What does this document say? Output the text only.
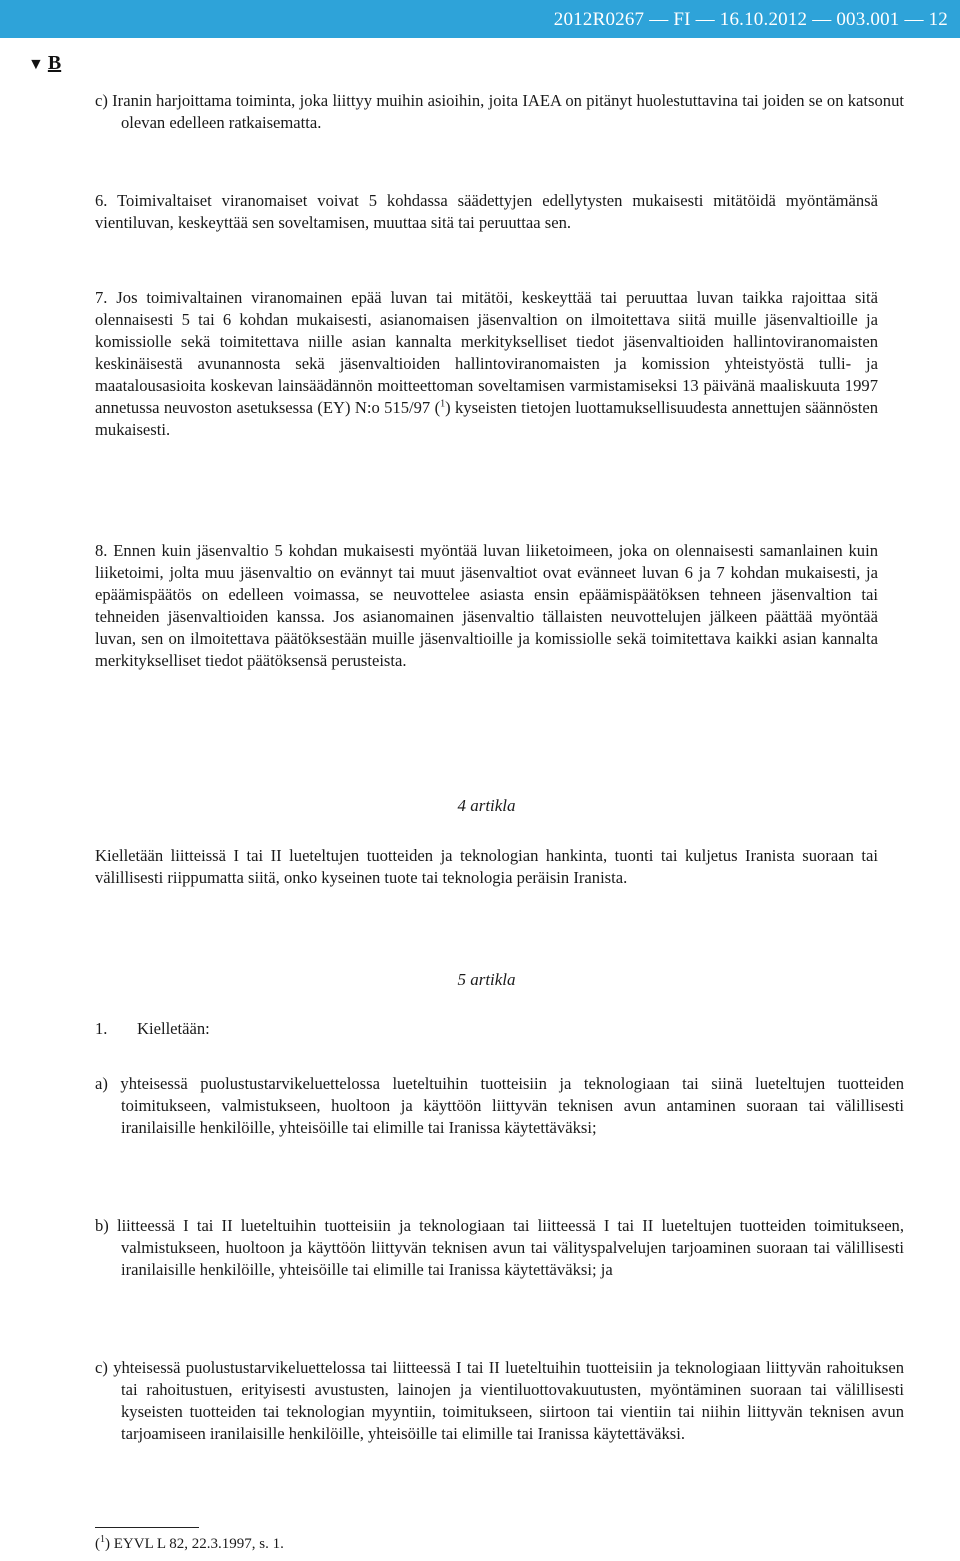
2012R0267 — FI — 16.10.2012 — 003.001 — 12
▼ B
c) Iranin harjoittama toiminta, joka liittyy muihin asioihin, joita IAEA on pitänyt huolestuttavina tai joiden se on katsonut olevan edelleen ratkaisematta.
6. Toimivaltaiset viranomaiset voivat 5 kohdassa säädettyjen edellytysten mukaisesti mitätöidä myöntämänsä vientiluvan, keskeyttää sen soveltamisen, muuttaa sitä tai peruuttaa sen.
7. Jos toimivaltainen viranomainen epää luvan tai mitätöi, keskeyttää tai peruuttaa luvan taikka rajoittaa sitä olennaisesti 5 tai 6 kohdan mukaisesti, asianomaisen jäsenvaltion on ilmoitettava siitä muille jäsenvaltioille ja komissiolle sekä toimitettava niille asian kannalta merkitykselliset tiedot jäsenvaltioiden hallintoviranomaisten keskinäisestä avunannosta sekä jäsenvaltioiden hallintoviranomaisten ja komission yhteistyöstä tulli- ja maatalousasioita koskevan lainsäädännön moitteettoman soveltamisen varmistamiseksi 13 päivänä maaliskuuta 1997 annetussa neuvoston asetuksessa (EY) N:o 515/97 ($^1$) kyseisten tietojen luottamuksellisuudesta annettujen säännösten mukaisesti.
8. Ennen kuin jäsenvaltio 5 kohdan mukaisesti myöntää luvan liiketoimeen, joka on olennaisesti samanlainen kuin liiketoimi, jolta muu jäsenvaltio on evännyt tai muut jäsenvaltiot ovat evänneet luvan 6 ja 7 kohdan mukaisesti, ja epäämispäätös on edelleen voimassa, se neuvottelee asiasta ensin epäämispäätöksen tehneen jäsenvaltion tai tehneiden jäsenvaltioiden kanssa. Jos asianomainen jäsenvaltio tällaisten neuvottelujen jälkeen päättää myöntää luvan, sen on ilmoitettava päätöksestään muille jäsenvaltioille ja komissiolle sekä toimitettava kaikki asian kannalta merkitykselliset tiedot päätöksensä perusteista.
4 artikla
Kielletään liitteissä I tai II lueteltujen tuotteiden ja teknologian hankinta, tuonti tai kuljetus Iranista suoraan tai välillisesti riippumatta siitä, onko kyseinen tuote tai teknologia peräisin Iranista.
5 artikla
1. Kielletään:
a) yhteisessä puolustustarvikeluettelossa lueteltuihin tuotteisiin ja teknologiaan tai siinä lueteltujen tuotteiden toimitukseen, valmistukseen, huoltoon ja käyttöön liittyvän teknisen avun antaminen suoraan tai välillisesti iranilaisille henkilöille, yhteisöille tai elimille tai Iranissa käytettäväksi;
b) liitteessä I tai II lueteltuihin tuotteisiin ja teknologiaan tai liitteessä I tai II lueteltujen tuotteiden toimitukseen, valmistukseen, huoltoon ja käyttöön liittyvän teknisen avun tai välityspalvelujen tarjoaminen suoraan tai välillisesti iranilaisille henkilöille, yhteisöille tai elimille tai Iranissa käytettäväksi; ja
c) yhteisessä puolustustarvikeluettelossa tai liitteessä I tai II lueteltuihin tuotteisiin ja teknologiaan liittyvän rahoituksen tai rahoitustuen, erityisesti avustusten, lainojen ja vientiluottovakuutusten, myöntäminen suoraan tai välillisesti kyseisten tuotteiden tai teknologian myyntiin, toimitukseen, siirtoon tai vientiin tai niihin liittyvän teknisen avun tarjoamiseen iranilaisille henkilöille, yhteisöille tai elimille tai Iranissa käytettäväksi.
($^1$) EYVL L 82, 22.3.1997, s. 1.
